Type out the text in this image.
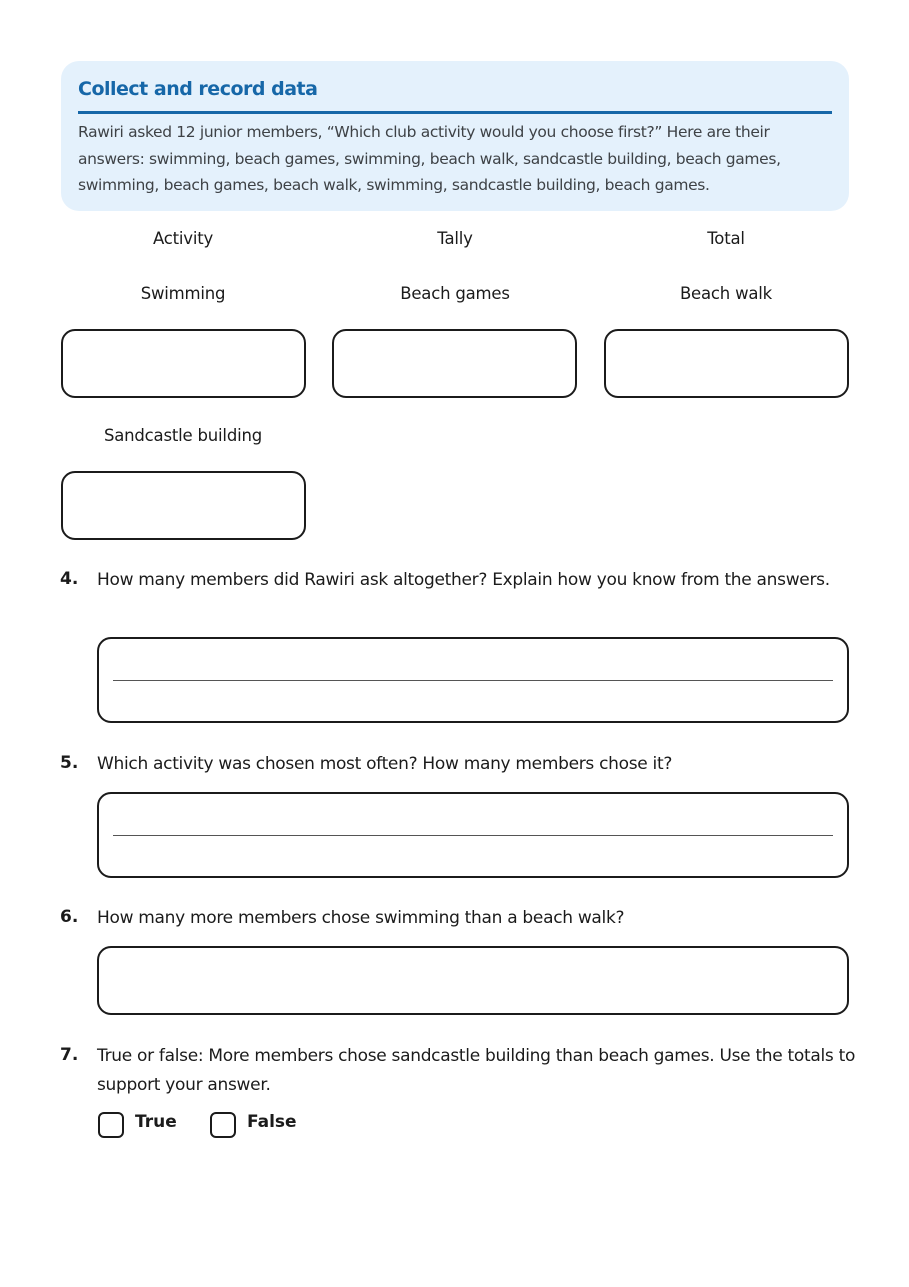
Collect and record data
Rawiri asked 12 junior members, “Which club activity would you choose first?” Here are their answers: swimming, beach games, swimming, beach walk, sandcastle building, beach games, swimming, beach games, beach walk, swimming, sandcastle building, beach games.
Activity	Tally	Total
Swimming	Beach games	Beach walk
Sandcastle building
4. How many members did Rawiri ask altogether? Explain how you know from the answers.
5. Which activity was chosen most often? How many members chose it?
6. How many more members chose swimming than a beach walk?
7. True or false: More members chose sandcastle building than beach games. Use the totals to support your answer.
True	False
